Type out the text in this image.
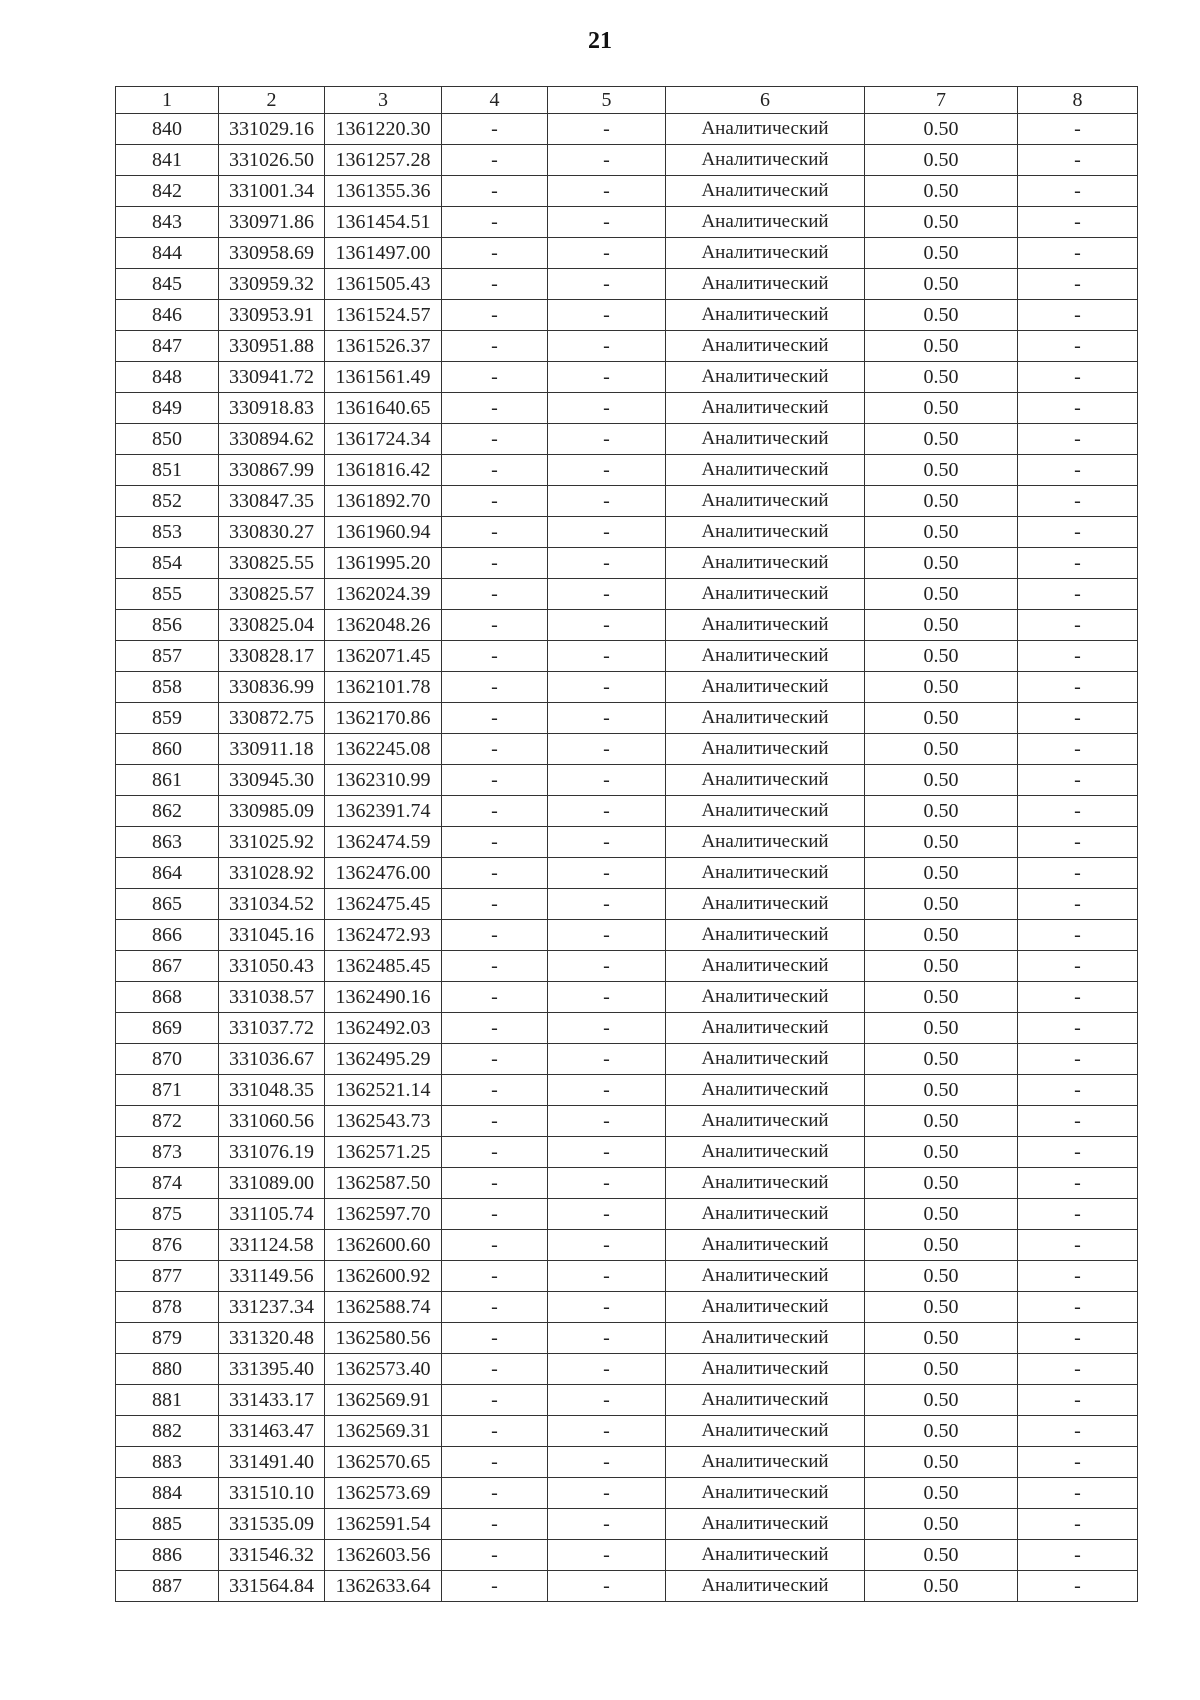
21
1	2	3	4	5	6	7	8
840	331029.16	1361220.30	-	-	Аналитический	0.50	-
841	331026.50	1361257.28	-	-	Аналитический	0.50	-
842	331001.34	1361355.36	-	-	Аналитический	0.50	-
843	330971.86	1361454.51	-	-	Аналитический	0.50	-
844	330958.69	1361497.00	-	-	Аналитический	0.50	-
845	330959.32	1361505.43	-	-	Аналитический	0.50	-
846	330953.91	1361524.57	-	-	Аналитический	0.50	-
847	330951.88	1361526.37	-	-	Аналитический	0.50	-
848	330941.72	1361561.49	-	-	Аналитический	0.50	-
849	330918.83	1361640.65	-	-	Аналитический	0.50	-
850	330894.62	1361724.34	-	-	Аналитический	0.50	-
851	330867.99	1361816.42	-	-	Аналитический	0.50	-
852	330847.35	1361892.70	-	-	Аналитический	0.50	-
853	330830.27	1361960.94	-	-	Аналитический	0.50	-
854	330825.55	1361995.20	-	-	Аналитический	0.50	-
855	330825.57	1362024.39	-	-	Аналитический	0.50	-
856	330825.04	1362048.26	-	-	Аналитический	0.50	-
857	330828.17	1362071.45	-	-	Аналитический	0.50	-
858	330836.99	1362101.78	-	-	Аналитический	0.50	-
859	330872.75	1362170.86	-	-	Аналитический	0.50	-
860	330911.18	1362245.08	-	-	Аналитический	0.50	-
861	330945.30	1362310.99	-	-	Аналитический	0.50	-
862	330985.09	1362391.74	-	-	Аналитический	0.50	-
863	331025.92	1362474.59	-	-	Аналитический	0.50	-
864	331028.92	1362476.00	-	-	Аналитический	0.50	-
865	331034.52	1362475.45	-	-	Аналитический	0.50	-
866	331045.16	1362472.93	-	-	Аналитический	0.50	-
867	331050.43	1362485.45	-	-	Аналитический	0.50	-
868	331038.57	1362490.16	-	-	Аналитический	0.50	-
869	331037.72	1362492.03	-	-	Аналитический	0.50	-
870	331036.67	1362495.29	-	-	Аналитический	0.50	-
871	331048.35	1362521.14	-	-	Аналитический	0.50	-
872	331060.56	1362543.73	-	-	Аналитический	0.50	-
873	331076.19	1362571.25	-	-	Аналитический	0.50	-
874	331089.00	1362587.50	-	-	Аналитический	0.50	-
875	331105.74	1362597.70	-	-	Аналитический	0.50	-
876	331124.58	1362600.60	-	-	Аналитический	0.50	-
877	331149.56	1362600.92	-	-	Аналитический	0.50	-
878	331237.34	1362588.74	-	-	Аналитический	0.50	-
879	331320.48	1362580.56	-	-	Аналитический	0.50	-
880	331395.40	1362573.40	-	-	Аналитический	0.50	-
881	331433.17	1362569.91	-	-	Аналитический	0.50	-
882	331463.47	1362569.31	-	-	Аналитический	0.50	-
883	331491.40	1362570.65	-	-	Аналитический	0.50	-
884	331510.10	1362573.69	-	-	Аналитический	0.50	-
885	331535.09	1362591.54	-	-	Аналитический	0.50	-
886	331546.32	1362603.56	-	-	Аналитический	0.50	-
887	331564.84	1362633.64	-	-	Аналитический	0.50	-
